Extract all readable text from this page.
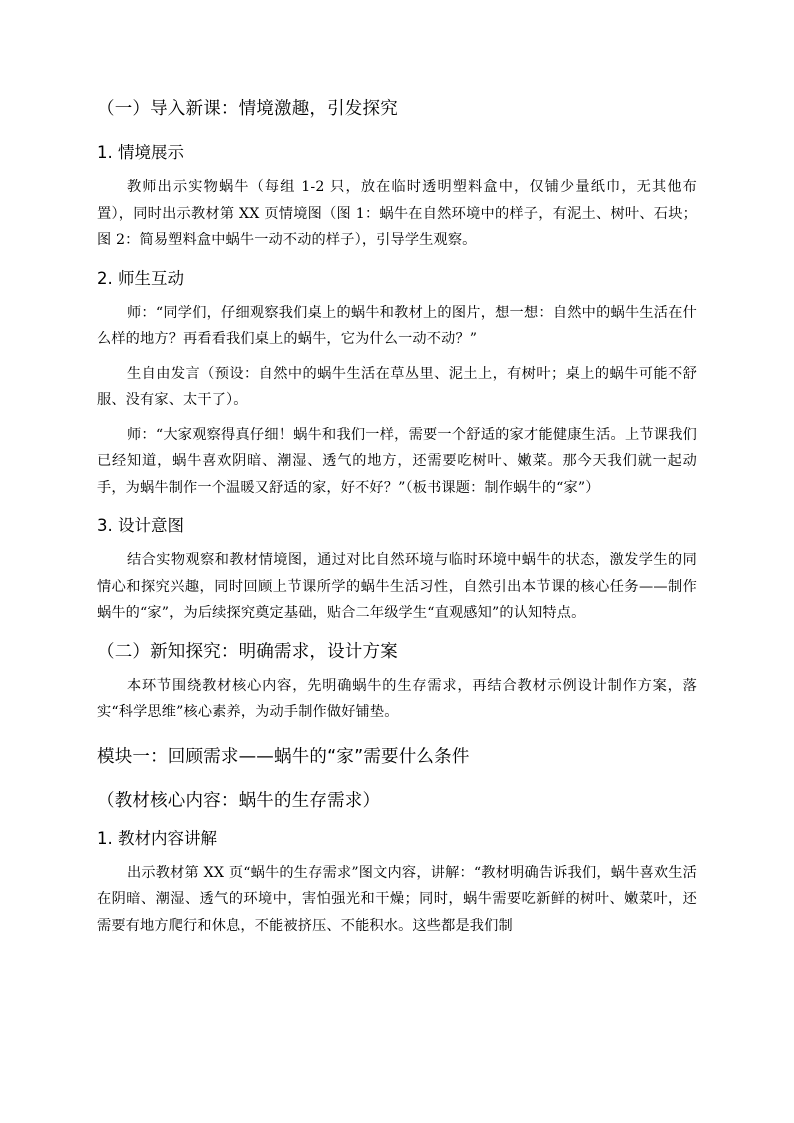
（一）导入新课：情境激趣，引发探究
1. 情境展示

教师出示实物蜗牛（每组 1-2 只，放在临时透明塑料盒中，仅铺少量纸巾，无其他布置），同时出示教材第 XX 页情境图（图 1：蜗牛在自然环境中的样子，有泥土、树叶、石块；图 2：简易塑料盒中蜗牛一动不动的样子），引导学生观察。

2. 师生互动

师：“同学们，仔细观察我们桌上的蜗牛和教材上的图片，想一想：自然中的蜗牛生活在什么样的地方？再看看我们桌上的蜗牛，它为什么一动不动？”

生自由发言（预设：自然中的蜗牛生活在草丛里、泥土上，有树叶；桌上的蜗牛可能不舒服、没有家、太干了）。

师：“大家观察得真仔细！蜗牛和我们一样，需要一个舒适的家才能健康生活。上节课我们已经知道，蜗牛喜欢阴暗、潮湿、透气的地方，还需要吃树叶、嫩菜。那今天我们就一起动手，为蜗牛制作一个温暖又舒适的家，好不好？”（板书课题：制作蜗牛的“家”）

3. 设计意图

结合实物观察和教材情境图，通过对比自然环境与临时环境中蜗牛的状态，激发学生的同情心和探究兴趣，同时回顾上节课所学的蜗牛生活习性，自然引出本节课的核心任务——制作蜗牛的“家”，为后续探究奠定基础，贴合二年级学生“直观感知”的认知特点。

（二）新知探究：明确需求，设计方案

本环节围绕教材核心内容，先明确蜗牛的生存需求，再结合教材示例设计制作方案，落实“科学思维”核心素养，为动手制作做好铺垫。

模块一：回顾需求——蜗牛的“家”需要什么条件
（教材核心内容：蜗牛的生存需求）
1. 教材内容讲解

出示教材第 XX 页“蜗牛的生存需求”图文内容，讲解：“教材明确告诉我们，蜗牛喜欢生活在阴暗、潮湿、透气的环境中，害怕强光和干燥；同时，蜗牛需要吃新鲜的树叶、嫩菜叶，还需要有地方爬行和休息，不能被挤压、不能积水。这些都是我们制
